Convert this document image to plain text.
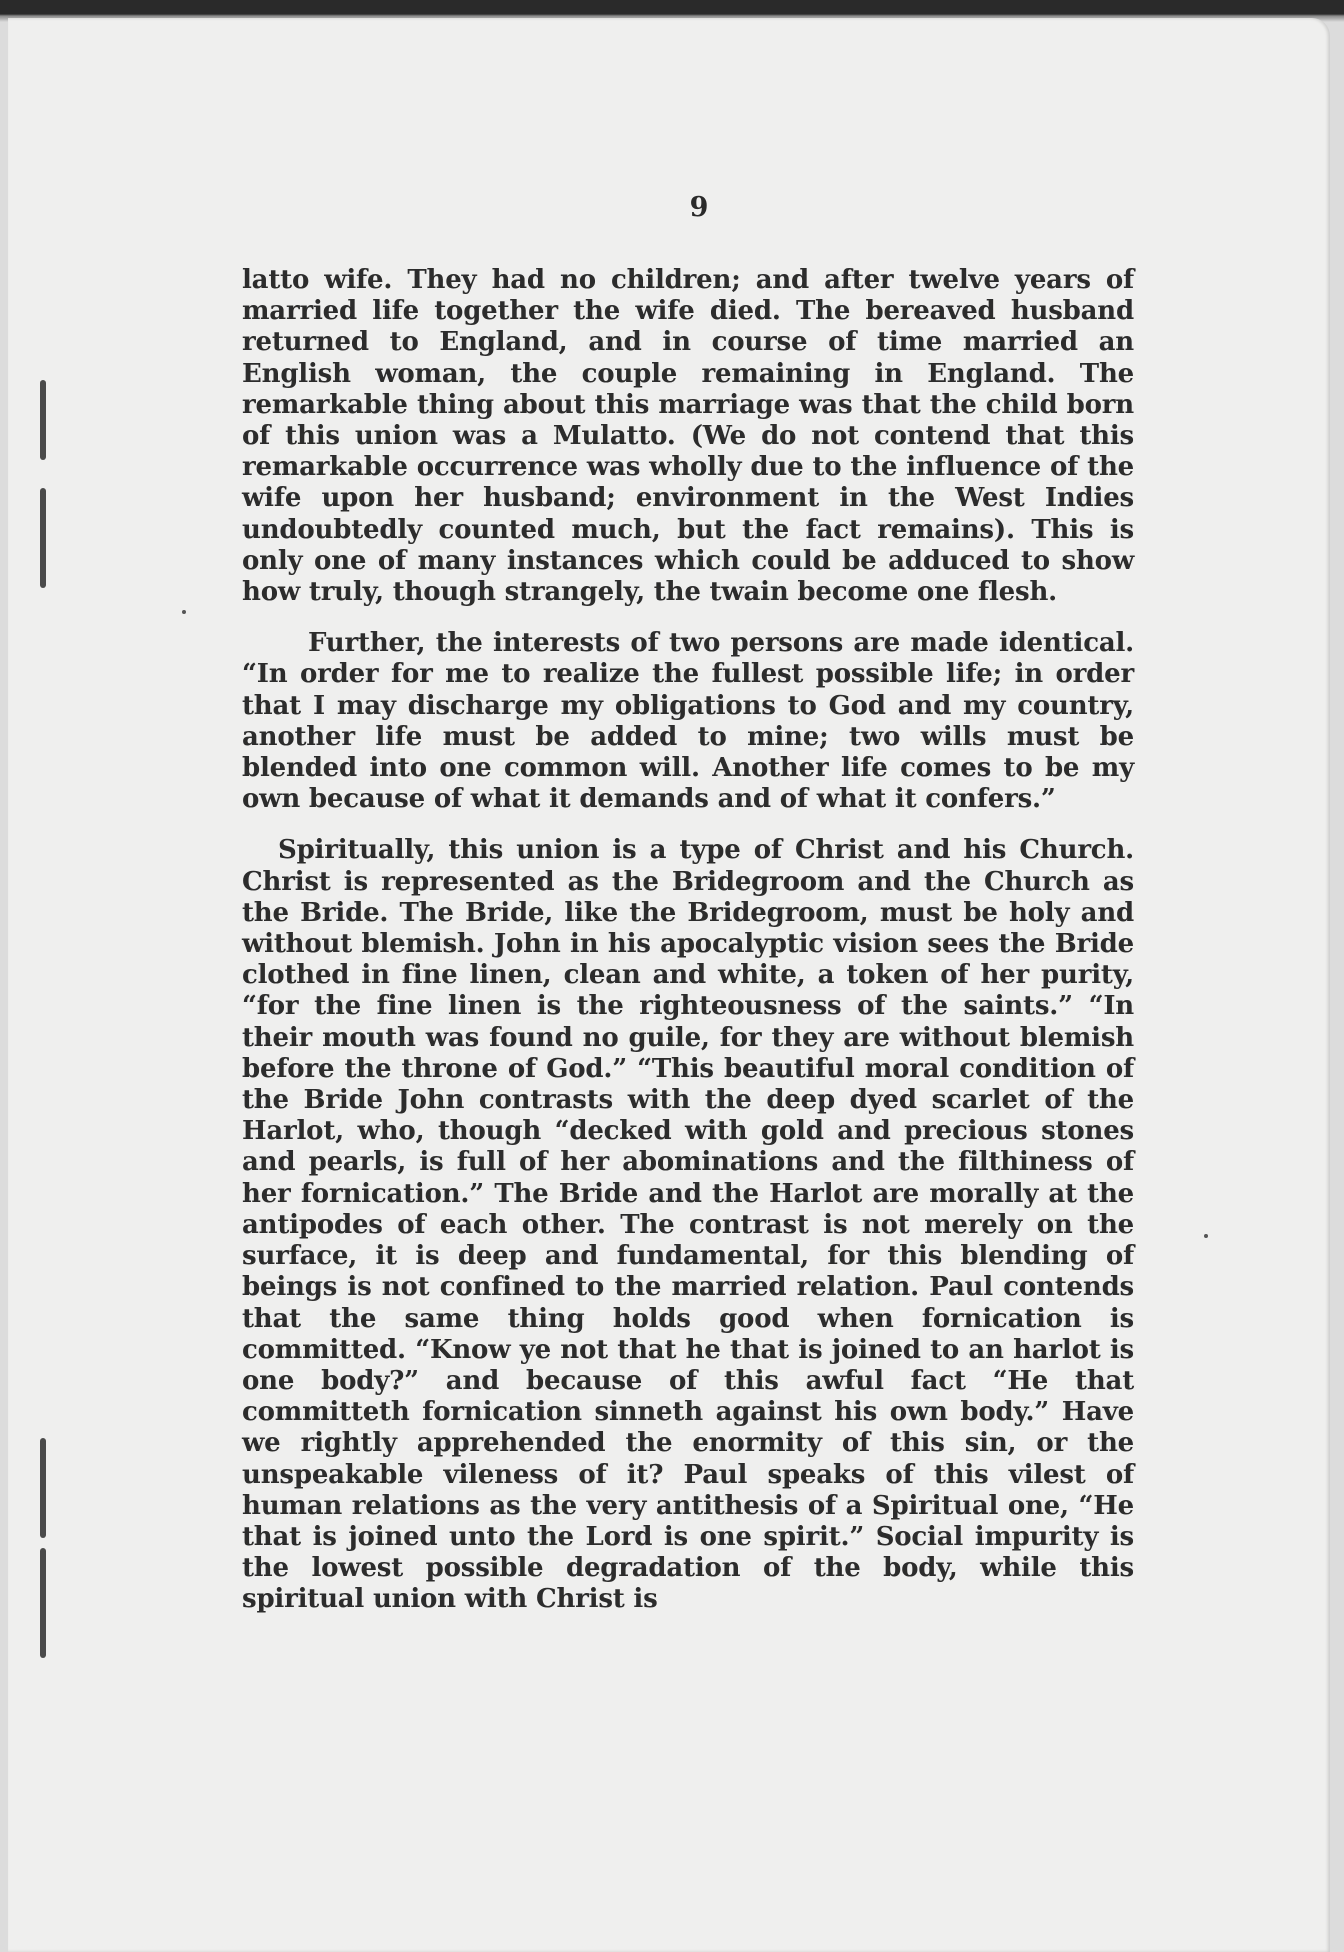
9

latto wife. They had no children; and after twelve years of married life together the wife died. The bereaved husband returned to England, and in course of time married an English woman, the couple remaining in England. The remarkable thing about this marriage was that the child born of this union was a Mulatto. (We do not contend that this remarkable occurrence was wholly due to the influence of the wife upon her husband; environment in the West Indies undoubtedly counted much, but the fact remains). This is only one of many instances which could be adduced to show how truly, though strangely, the twain become one flesh.

Further, the interests of two persons are made identical. “In order for me to realize the fullest possible life; in order that I may discharge my obligations to God and my country, another life must be added to mine; two wills must be blended into one common will. Another life comes to be my own because of what it demands and of what it confers.”

Spiritually, this union is a type of Christ and his Church. Christ is represented as the Bridegroom and the Church as the Bride. The Bride, like the Bridegroom, must be holy and without blemish. John in his apocalyptic vision sees the Bride clothed in fine linen, clean and white, a token of her purity, “for the fine linen is the righteousness of the saints.” “In their mouth was found no guile, for they are without blemish before the throne of God.” “This beautiful moral condition of the Bride John contrasts with the deep dyed scarlet of the Harlot, who, though “decked with gold and precious stones and pearls, is full of her abominations and the filthiness of her fornication.” The Bride and the Harlot are morally at the antipodes of each other. The contrast is not merely on the surface, it is deep and fundamental, for this blending of beings is not confined to the married relation. Paul contends that the same thing holds good when fornication is committed. “Know ye not that he that is joined to an harlot is one body?” and because of this awful fact “He that committeth fornication sinneth against his own body.” Have we rightly apprehended the enormity of this sin, or the unspeakable vileness of it? Paul speaks of this vilest of human relations as the very antithesis of a Spiritual one, “He that is joined unto the Lord is one spirit.” Social impurity is the lowest possible degradation of the body, while this spiritual union with Christ is
